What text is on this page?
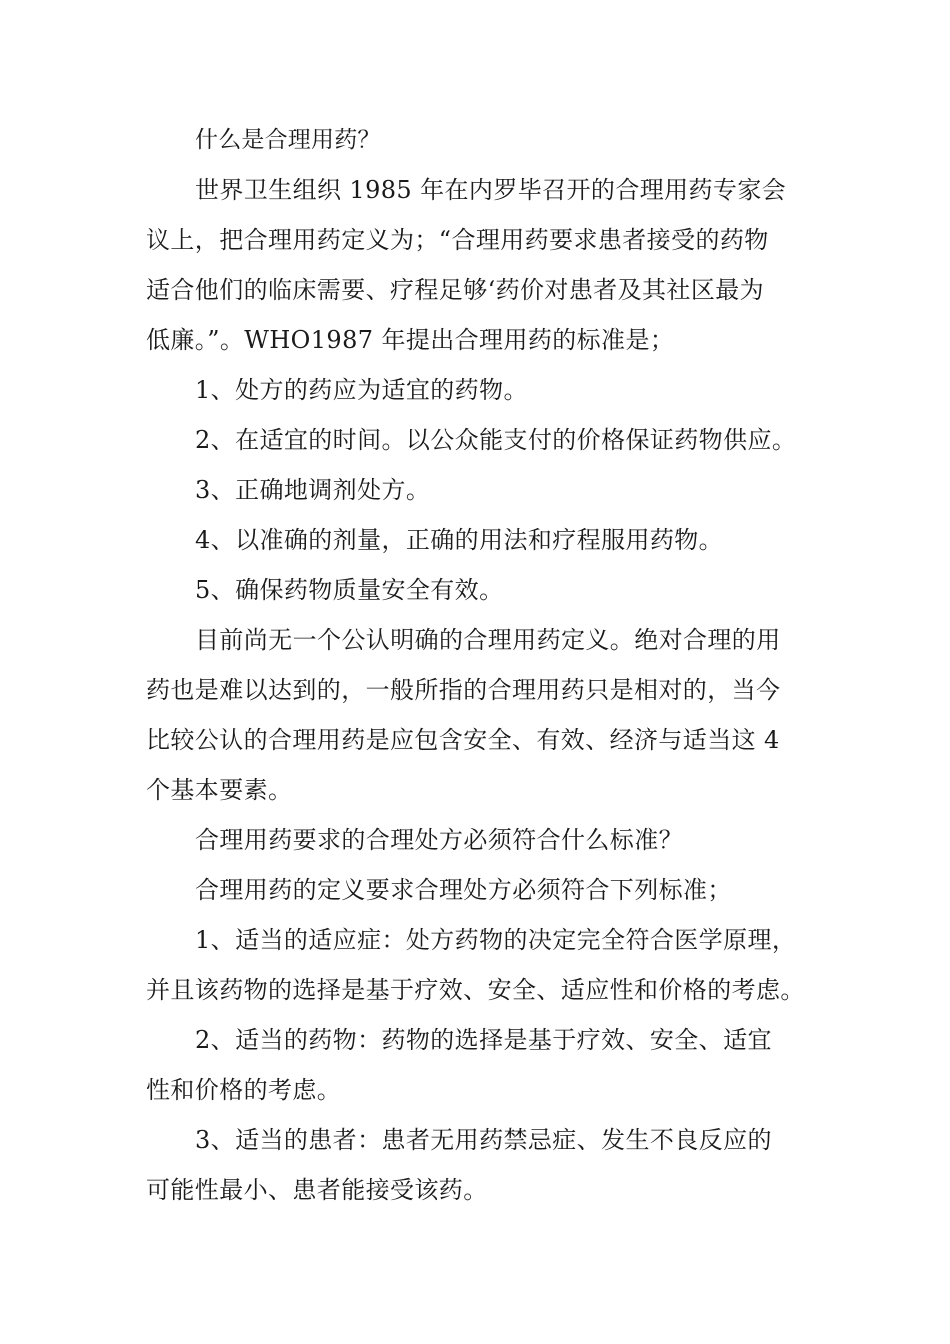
什么是合理用药？
世界卫生组织 1985 年在内罗毕召开的合理用药专家会
议上，把合理用药定义为；“合理用药要求患者接受的药物
适合他们的临床需要、疗程足够‘药价对患者及其社区最为
低廉。”。WHO1987 年提出合理用药的标准是；
1、处方的药应为适宜的药物。
2、在适宜的时间。以公众能支付的价格保证药物供应。
3、正确地调剂处方。
4、以准确的剂量，正确的用法和疗程服用药物。
5、确保药物质量安全有效。
目前尚无一个公认明确的合理用药定义。绝对合理的用
药也是难以达到的，一般所指的合理用药只是相对的，当今
比较公认的合理用药是应包含安全、有效、经济与适当这 4
个基本要素。
合理用药要求的合理处方必须符合什么标准？
合理用药的定义要求合理处方必须符合下列标准；
1、适当的适应症：处方药物的决定完全符合医学原理，
并且该药物的选择是基于疗效、安全、适应性和价格的考虑。
2、适当的药物：药物的选择是基于疗效、安全、适宜
性和价格的考虑。
3、适当的患者：患者无用药禁忌症、发生不良反应的
可能性最小、患者能接受该药。
